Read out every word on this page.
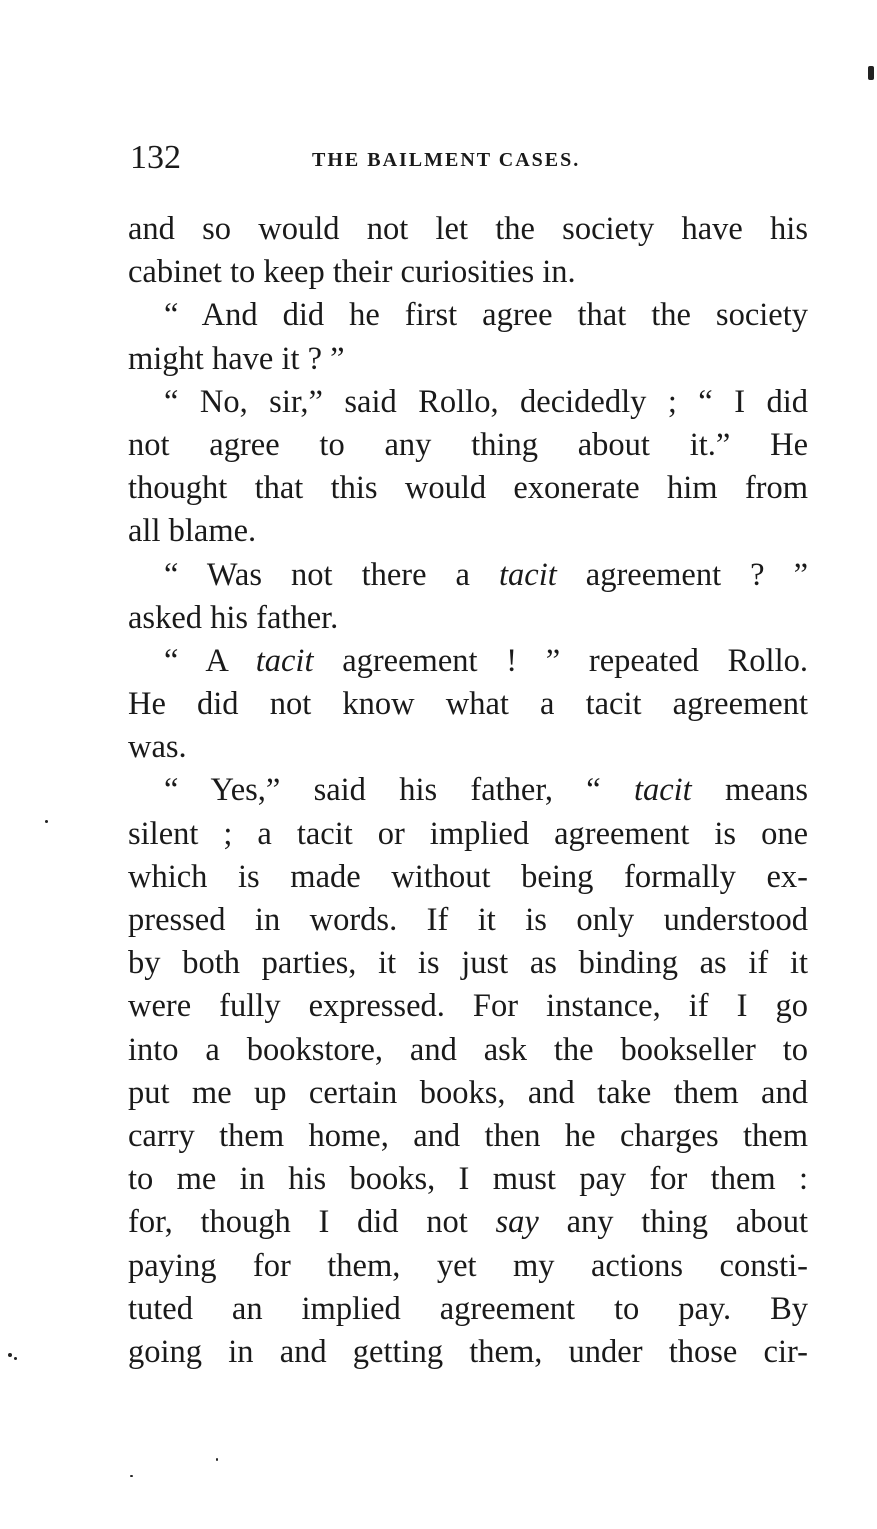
132	THE BAILMENT CASES.
and so would not let the society have his
cabinet to keep their curiosities in.
“ And did he first agree that the society
might have it ? ”
“ No, sir,” said Rollo, decidedly ; “ I did
not agree to any thing about it.” He
thought that this would exonerate him from
all blame.
“ Was not there a tacit agreement ? ”
asked his father.
“ A tacit agreement ! ” repeated Rollo.
He did not know what a tacit agreement
was.
“ Yes,” said his father, “ tacit means
silent ; a tacit or implied agreement is one
which is made without being formally ex-
pressed in words. If it is only understood
by both parties, it is just as binding as if it
were fully expressed. For instance, if I go
into a bookstore, and ask the bookseller to
put me up certain books, and take them and
carry them home, and then he charges them
to me in his books, I must pay for them :
for, though I did not say any thing about
paying for them, yet my actions consti-
tuted an implied agreement to pay. By
going in and getting them, under those cir-
